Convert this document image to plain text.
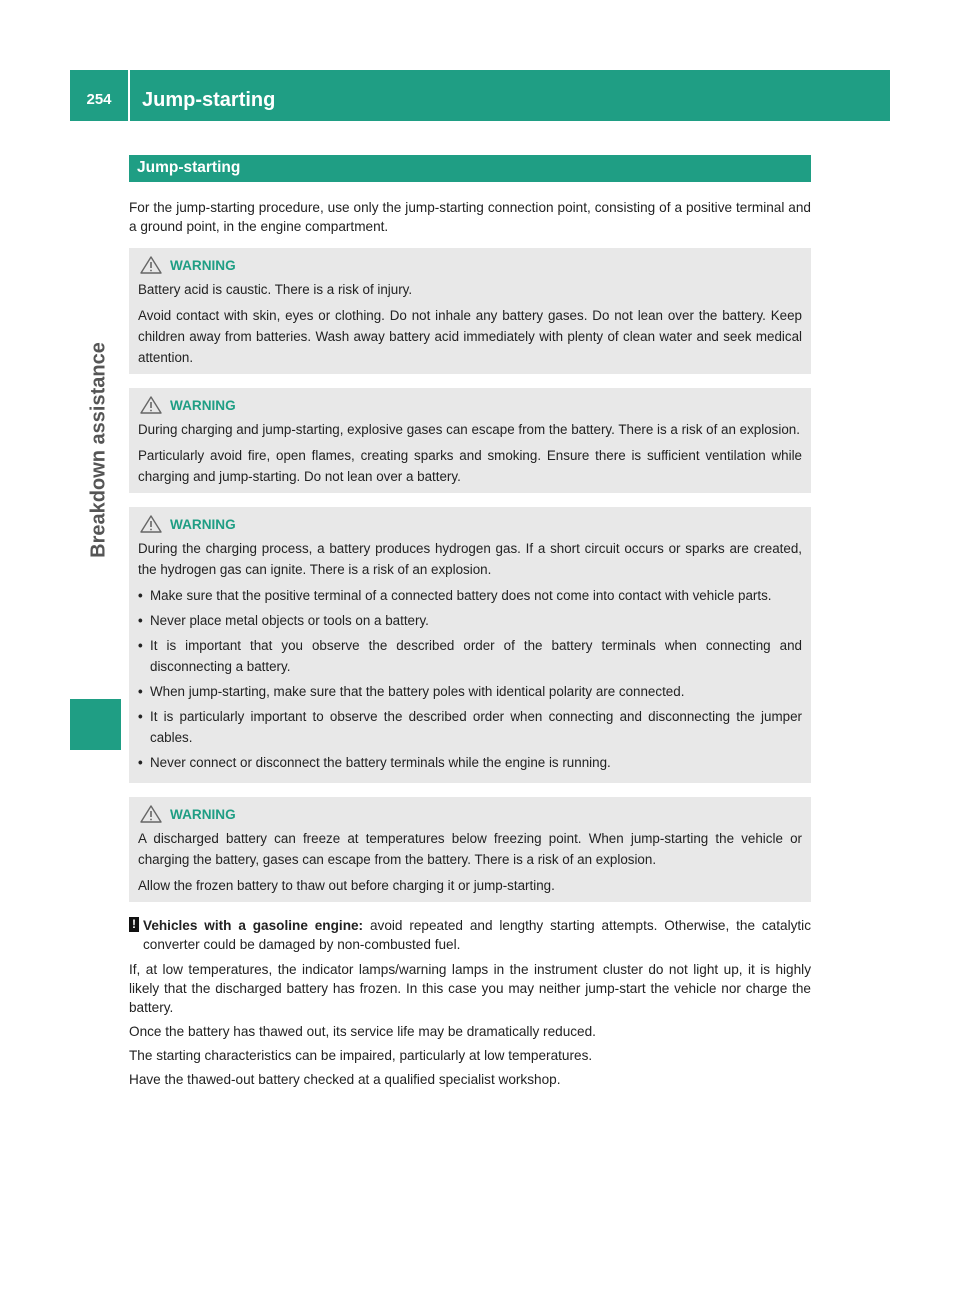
254	Jump-starting
Breakdown assistance
Jump-starting

For the jump-starting procedure, use only the jump-starting connection point, consisting of a positive terminal and a ground point, in the engine compartment.

WARNING

Battery acid is caustic. There is a risk of injury.

Avoid contact with skin, eyes or clothing. Do not inhale any battery gases. Do not lean over the battery. Keep children away from batteries. Wash away battery acid immediately with plenty of clean water and seek medical attention.

WARNING

During charging and jump-starting, explosive gases can escape from the battery. There is a risk of an explosion.

Particularly avoid fire, open flames, creating sparks and smoking. Ensure there is sufficient ventilation while charging and jump-starting. Do not lean over a battery.

WARNING

During the charging process, a battery produces hydrogen gas. If a short circuit occurs or sparks are created, the hydrogen gas can ignite. There is a risk of an explosion.

• Make sure that the positive terminal of a connected battery does not come into contact with vehicle parts.
• Never place metal objects or tools on a battery.
• It is important that you observe the described order of the battery terminals when connecting and disconnecting a battery.
• When jump-starting, make sure that the battery poles with identical polarity are connected.
• It is particularly important to observe the described order when connecting and disconnecting the jumper cables.
• Never connect or disconnect the battery terminals while the engine is running.
WARNING

A discharged battery can freeze at temperatures below freezing point. When jump-starting the vehicle or charging the battery, gases can escape from the battery. There is a risk of an explosion.

Allow the frozen battery to thaw out before charging it or jump-starting.

! Vehicles with a gasoline engine: avoid repeated and lengthy starting attempts. Otherwise, the catalytic converter could be damaged by non-combusted fuel.

If, at low temperatures, the indicator lamps/warning lamps in the instrument cluster do not light up, it is highly likely that the discharged battery has frozen. In this case you may neither jump-start the vehicle nor charge the battery.

Once the battery has thawed out, its service life may be dramatically reduced.

The starting characteristics can be impaired, particularly at low temperatures.

Have the thawed-out battery checked at a qualified specialist workshop.
